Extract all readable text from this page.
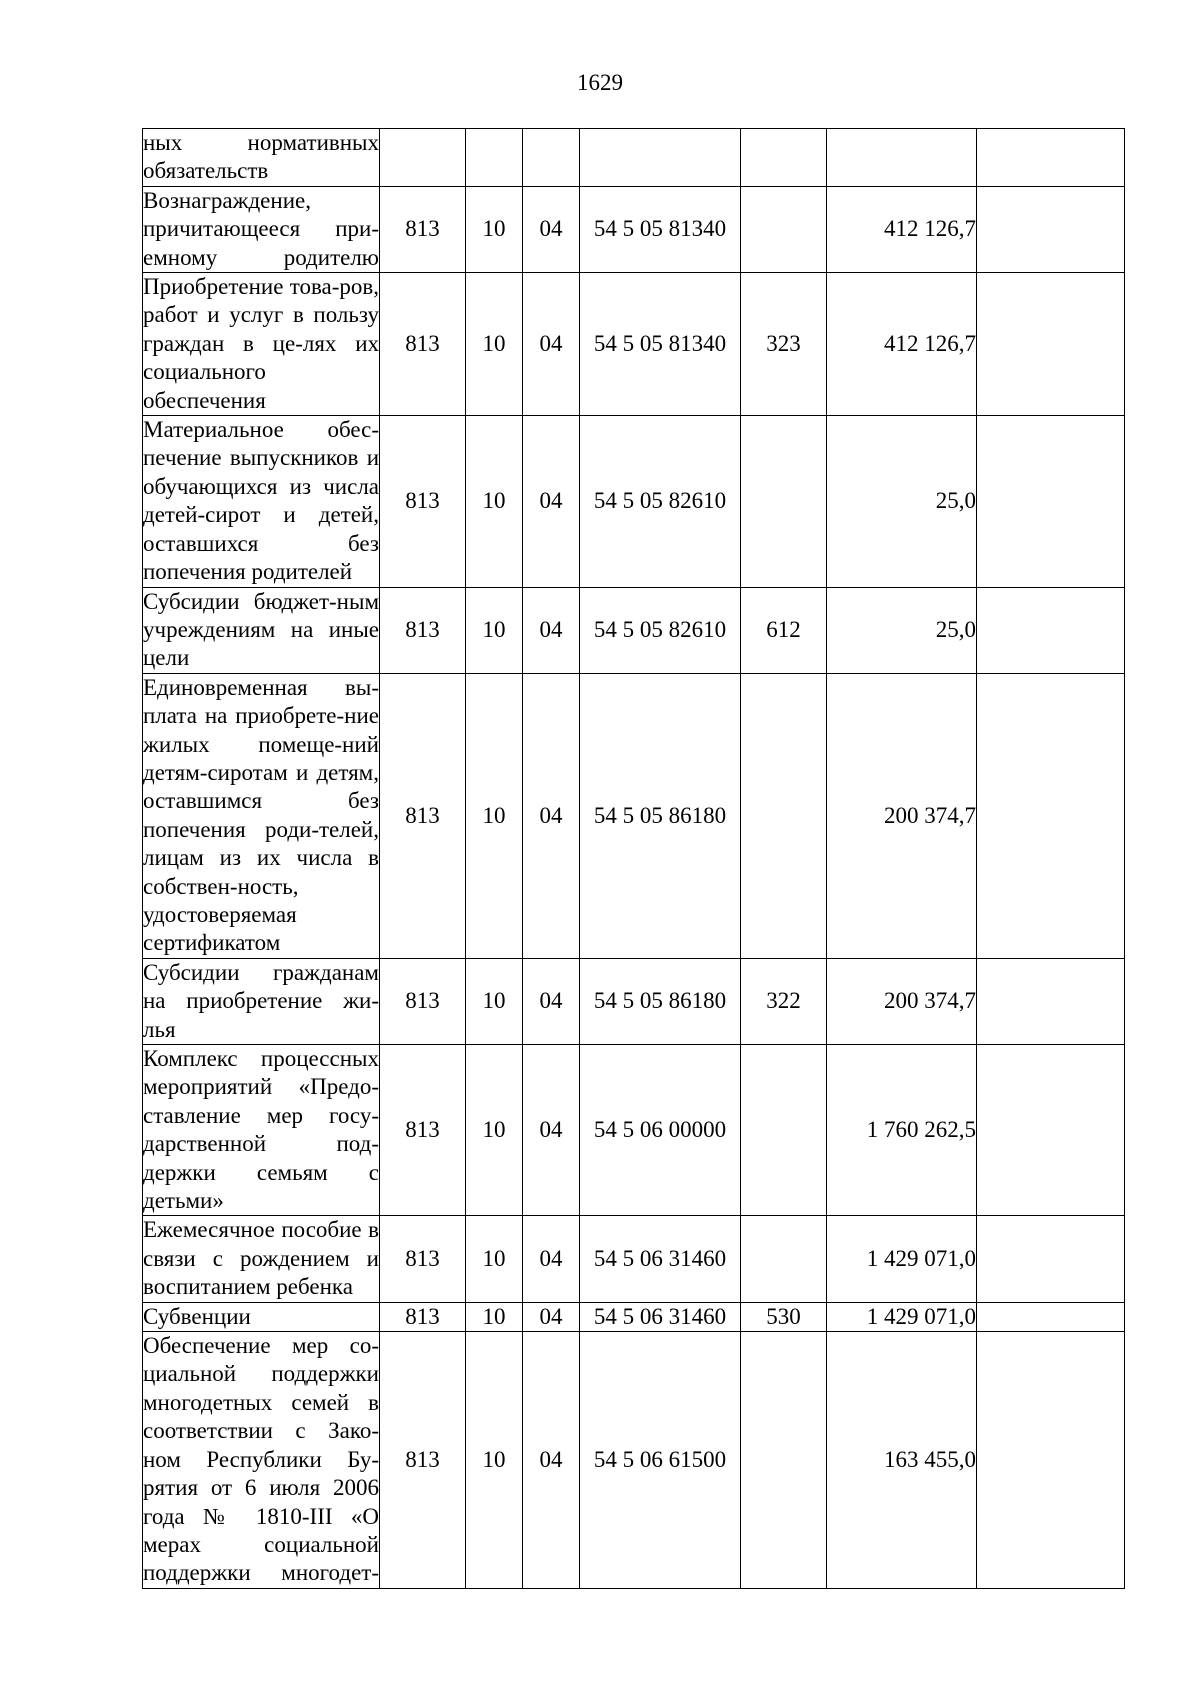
1629
ных нормативных обязательств							
Вознаграждение, причитающееся при-емному родителю	813	10	04	54 5 05 81340		412 126,7	
Приобретение това-ров, работ и услуг в пользу граждан в це-лях их социального обеспечения	813	10	04	54 5 05 81340	323	412 126,7	
Материальное обес-печение выпускников и обучающихся из числа детей-сирот и детей, оставшихся без попечения родителей	813	10	04	54 5 05 82610		25,0	
Субсидии бюджет-ным учреждениям на иные цели	813	10	04	54 5 05 82610	612	25,0	
Единовременная вы-плата на приобрете-ние жилых помеще-ний детям-сиротам и детям, оставшимся без попечения роди-телей, лицам из их числа в собствен-ность, удостоверяемая сертификатом	813	10	04	54 5 05 86180		200 374,7	
Субсидии гражданам на приобретение жи-лья	813	10	04	54 5 05 86180	322	200 374,7	
Комплекс процессных мероприятий «Предо-ставление мер госу-дарственной под-держки семьям с детьми»	813	10	04	54 5 06 00000		1 760 262,5	
Ежемесячное пособие в связи с рождением и воспитанием ребенка	813	10	04	54 5 06 31460		1 429 071,0	
Субвенции	813	10	04	54 5 06 31460	530	1 429 071,0	
Обеспечение мер со-циальной поддержки многодетных семей в соответствии с Зако-ном Республики Бу-рятия от 6 июля 2006 года № 1810-III «О мерах социальной поддержки многодет-	813	10	04	54 5 06 61500		163 455,0	
